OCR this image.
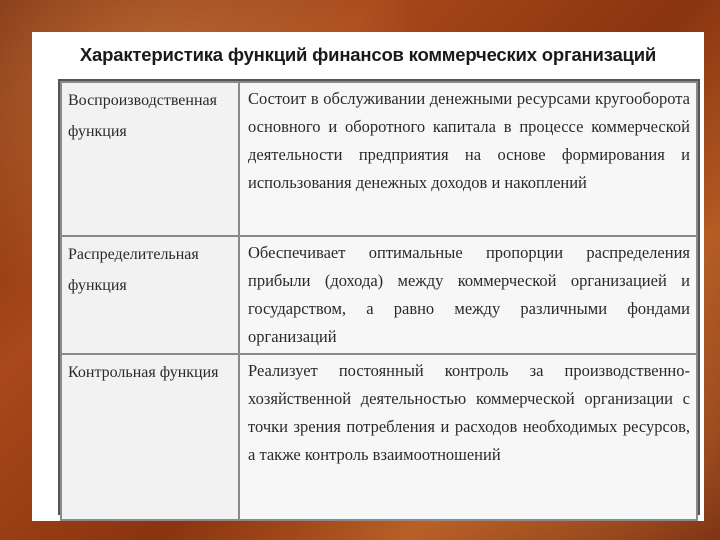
Характеристика функций финансов коммерческих организаций
Воспроизводственная функция	Состоит в обслуживании денежными ресурсами кругооборота основного и оборотного капитала в процессе коммерческой деятельности предприятия на основе формирования и использования денежных доходов и накоплений
Распределительная функция	Обеспечивает оптимальные пропорции распределения прибыли (дохода) между коммерческой организацией и государством, а равно между различными фондами организаций
Контрольная функция	Реализует постоянный контроль за производственно-хозяйственной деятельностью коммерческой организации с точки зрения потребления и расходов необходимых ресурсов, а также контроль взаимоотношений
